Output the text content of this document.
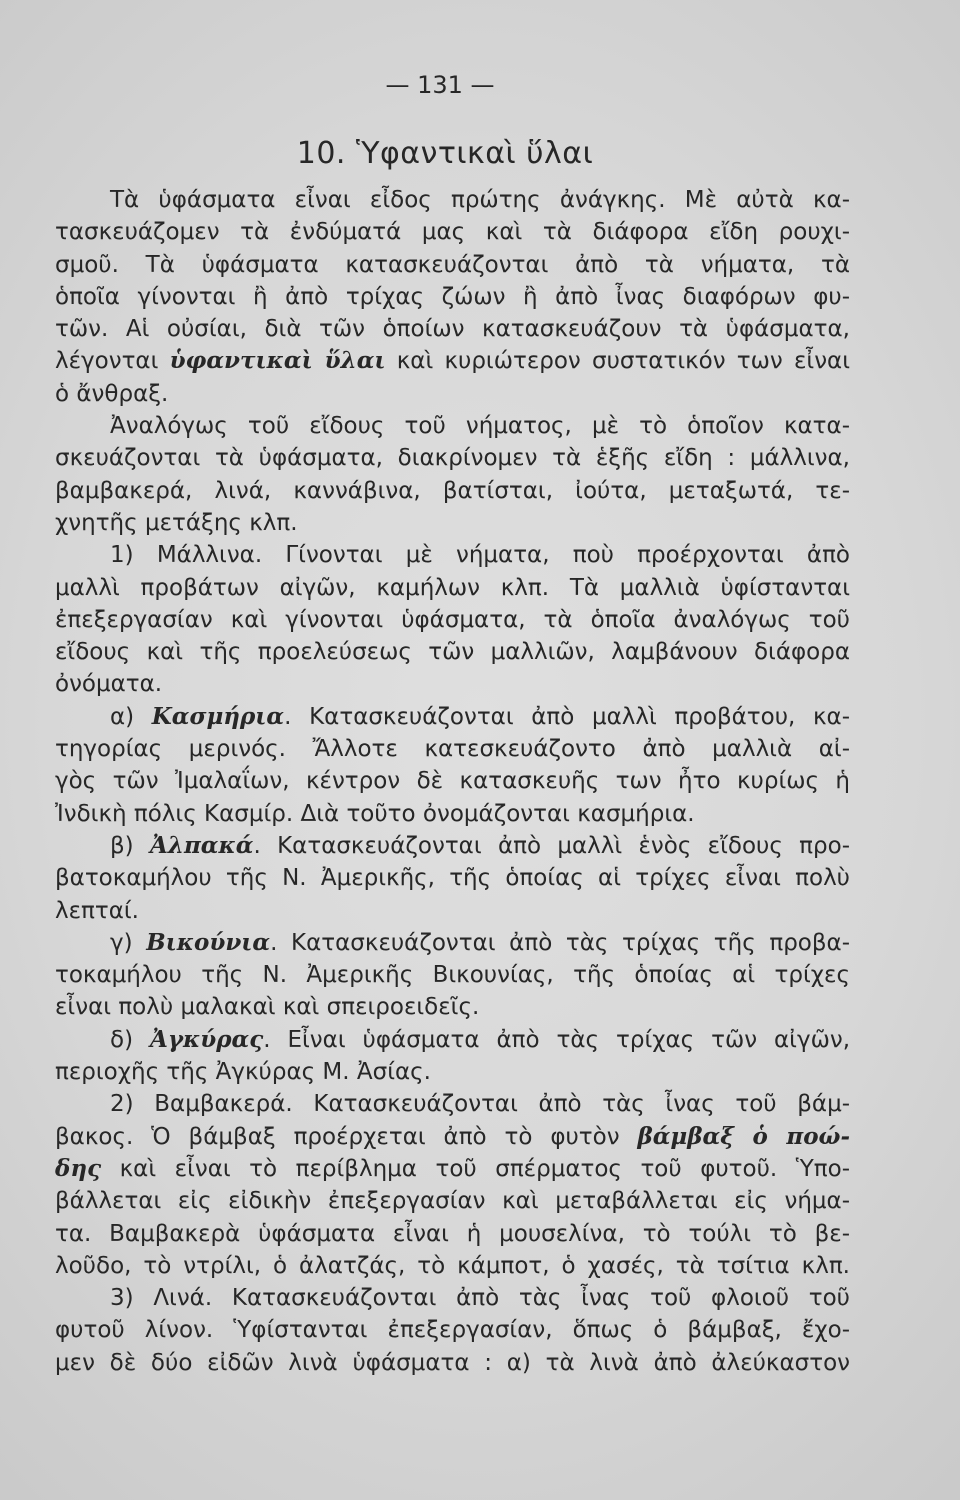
— 131 —
10. Ὑφαντικαὶ ὕλαι
Τὰ ὑφάσματα εἶναι εἶδος πρώτης ἀνάγκης. Μὲ αὐτὰ κα-
τασκευάζομεν τὰ ἐνδύματά μας καὶ τὰ διάφορα εἴδη ρουχι-
σμοῦ. Τὰ ὑφάσματα κατασκευάζονται ἀπὸ τὰ νήματα, τὰ
ὁποῖα γίνονται ἢ ἀπὸ τρίχας ζώων ἢ ἀπὸ ἶνας διαφόρων φυ-
τῶν. Αἱ οὐσίαι, διὰ τῶν ὁποίων κατασκευάζουν τὰ ὑφάσματα,
λέγονται ὑφαντικαὶ ὕλαι καὶ κυριώτερον συστατικόν των εἶναι
ὁ ἄνθραξ.
Ἀναλόγως τοῦ εἴδους τοῦ νήματος, μὲ τὸ ὁποῖον κατα-
σκευάζονται τὰ ὑφάσματα, διακρίνομεν τὰ ἑξῆς εἴδη : μάλλινα,
βαμβακερά, λινά, καννάβινα, βατίσται, ἰούτα, μεταξωτά, τε-
χνητῆς μετάξης κλπ.
1) Μάλλινα. Γίνονται μὲ νήματα, ποὺ προέρχονται ἀπὸ
μαλλὶ προβάτων αἰγῶν, καμήλων κλπ. Τὰ μαλλιὰ ὑφίστανται
ἐπεξεργασίαν καὶ γίνονται ὑφάσματα, τὰ ὁποῖα ἀναλόγως τοῦ
εἴδους καὶ τῆς προελεύσεως τῶν μαλλιῶν, λαμβάνουν διάφορα
ὀνόματα.
α) Κασμήρια. Κατασκευάζονται ἀπὸ μαλλὶ προβάτου, κα-
τηγορίας μερινός. Ἄλλοτε κατεσκευάζοντο ἀπὸ μαλλιὰ αἰ-
γὸς τῶν Ἰμαλαΐων, κέντρον δὲ κατασκευῆς των ἦτο κυρίως ἡ
Ἰνδικὴ πόλις Κασμίρ. Διὰ τοῦτο ὀνομάζονται κασμήρια.
β) Ἀλπακά. Κατασκευάζονται ἀπὸ μαλλὶ ἑνὸς εἴδους προ-
βατοκαμήλου τῆς Ν. Ἀμερικῆς, τῆς ὁποίας αἱ τρίχες εἶναι πολὺ
λεπταί.
γ) Βικούνια. Κατασκευάζονται ἀπὸ τὰς τρίχας τῆς προβα-
τοκαμήλου τῆς Ν. Ἀμερικῆς Βικουνίας, τῆς ὁποίας αἱ τρίχες
εἶναι πολὺ μαλακαὶ καὶ σπειροειδεῖς.
δ) Ἀγκύρας. Εἶναι ὑφάσματα ἀπὸ τὰς τρίχας τῶν αἰγῶν,
περιοχῆς τῆς Ἀγκύρας Μ. Ἀσίας.
2) Βαμβακερά. Κατασκευάζονται ἀπὸ τὰς ἶνας τοῦ βάμ-
βακος. Ὁ βάμβαξ προέρχεται ἀπὸ τὸ φυτὸν βάμβαξ ὁ ποώ-
δης καὶ εἶναι τὸ περίβλημα τοῦ σπέρματος τοῦ φυτοῦ. Ὑπο-
βάλλεται εἰς εἰδικὴν ἐπεξεργασίαν καὶ μεταβάλλεται εἰς νήμα-
τα. Βαμβακερὰ ὑφάσματα εἶναι ἡ μουσελίνα, τὸ τούλι τὸ βε-
λοῦδο, τὸ ντρίλι, ὁ ἀλατζάς, τὸ κάμποτ, ὁ χασές, τὰ τσίτια κλπ.
3) Λινά. Κατασκευάζονται ἀπὸ τὰς ἶνας τοῦ φλοιοῦ τοῦ
φυτοῦ λίνον. Ὑφίστανται ἐπεξεργασίαν, ὅπως ὁ βάμβαξ, ἔχο-
μεν δὲ δύο εἰδῶν λινὰ ὑφάσματα : α) τὰ λινὰ ἀπὸ ἀλεύκαστον
